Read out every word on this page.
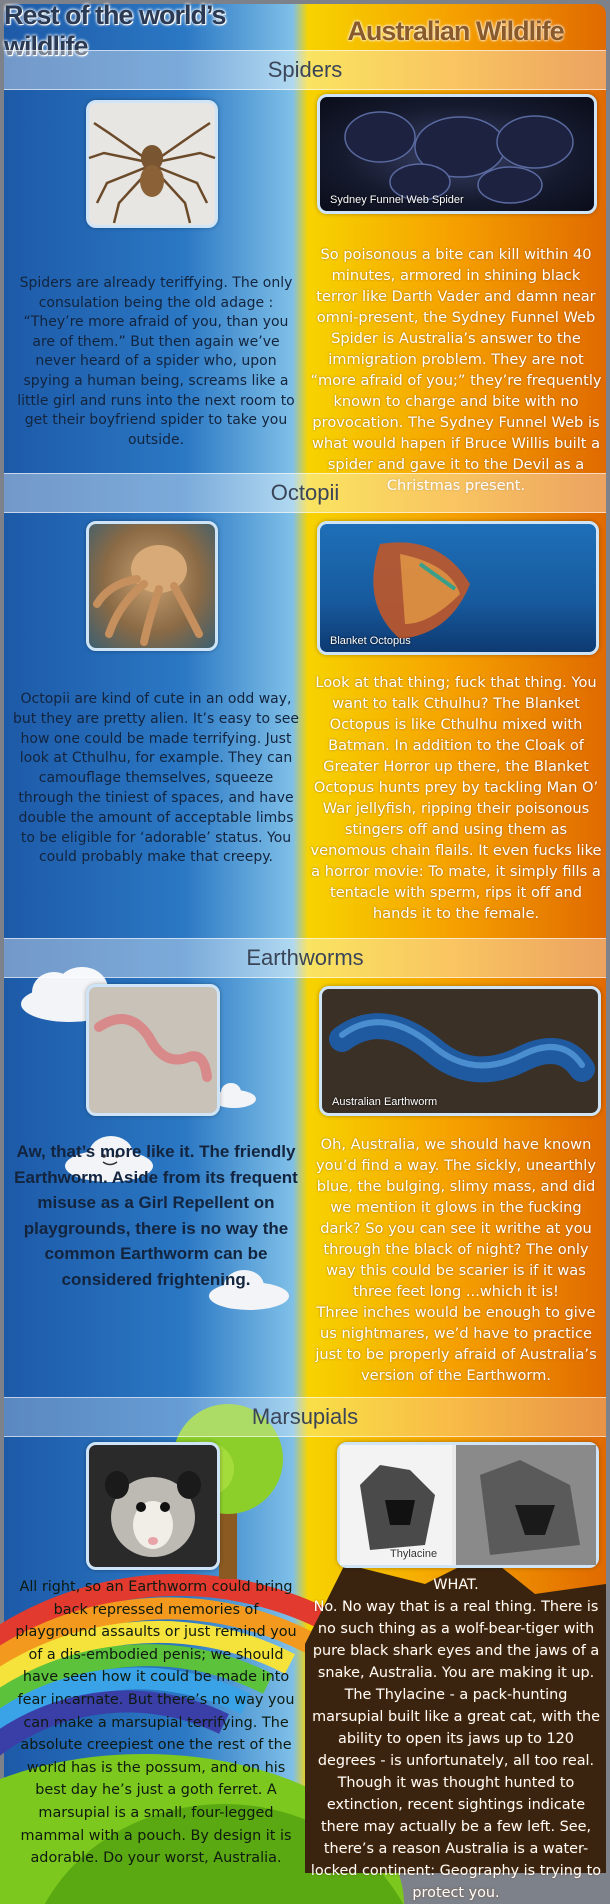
Rest of the world’s wildlife
Australian Wildlife
Spiders
Sydney Funnel Web Spider
Spiders are already teriffying. The only consulation being the old adage : “They’re more afraid of you, than you are of them.” But then again we’ve never heard of a spider who, upon spying a human being, screams like a little girl and runs into the next room to get their boyfriend spider to take you outside.
So poisonous a bite can kill within 40 minutes, armored in shining black terror like Darth Vader and damn near omni-present, the Sydney Funnel Web Spider is Australia’s answer to the immigration problem. They are not “more afraid of you;” they’re frequently known to charge and bite with no provocation. The Sydney Funnel Web is what would hapen if Bruce Willis built a spider and gave it to the Devil as a Christmas present.
Octopii
Blanket Octopus
Octopii are kind of cute in an odd way, but they are pretty alien. It’s easy to see how one could be made terrifying. Just look at Cthulhu, for example. They can camouflage themselves, squeeze through the tiniest of spaces, and have double the amount of acceptable limbs to be eligible for ‘adorable’ status. You could probably make that creepy.
Look at that thing; fuck that thing. You want to talk Cthulhu? The Blanket Octopus is like Cthulhu mixed with Batman. In addition to the Cloak of Greater Horror up there, the Blanket Octopus hunts prey by tackling Man O’ War jellyfish, ripping their poisonous stingers off and using them as venomous chain flails. It even fucks like a horror movie: To mate, it simply fills a tentacle with sperm, rips it off and hands it to the female.
Earthworms
Australian Earthworm
Aw, that’s more like it. The friendly Earthworm. Aside from its frequent misuse as a Girl Repellent on playgrounds, there is no way the common Earthworm can be considered frightening.
Oh, Australia, we should have known you’d find a way. The sickly, unearthly blue, the bulging, slimy mass, and did we mention it glows in the fucking dark? So you can see it writhe at you through the black of night? The only way this could be scarier is if it was three feet long ...which it is!
Three inches would be enough to give us nightmares, we’d have to practice just to be properly afraid of Australia’s version of the Earthworm.
Marsupials
Thylacine
All right, so an Earthworm could bring back repressed memories of playground assaults or just remind you of a dis-embodied penis; we should have seen how it could be made into fear incarnate. But there’s no way you can make a marsupial terrifying. The absolute creepiest one the rest of the world has is the possum, and on his best day he’s just a goth ferret. A marsupial is a small, four-legged mammal with a pouch. By design it is adorable. Do your worst, Australia.
WHAT.
No. No way that is a real thing. There is no such thing as a wolf-bear-tiger with pure black shark eyes and the jaws of a snake, Australia. You are making it up. The Thylacine - a pack-hunting marsupial built like a great cat, with the ability to open its jaws up to 120 degrees - is unfortunately, all too real. Though it was thought hunted to extinction, recent sightings indicate there may actually be a few left. See, there’s a reason Australia is a water-locked continent: Geography is trying to protect you.
